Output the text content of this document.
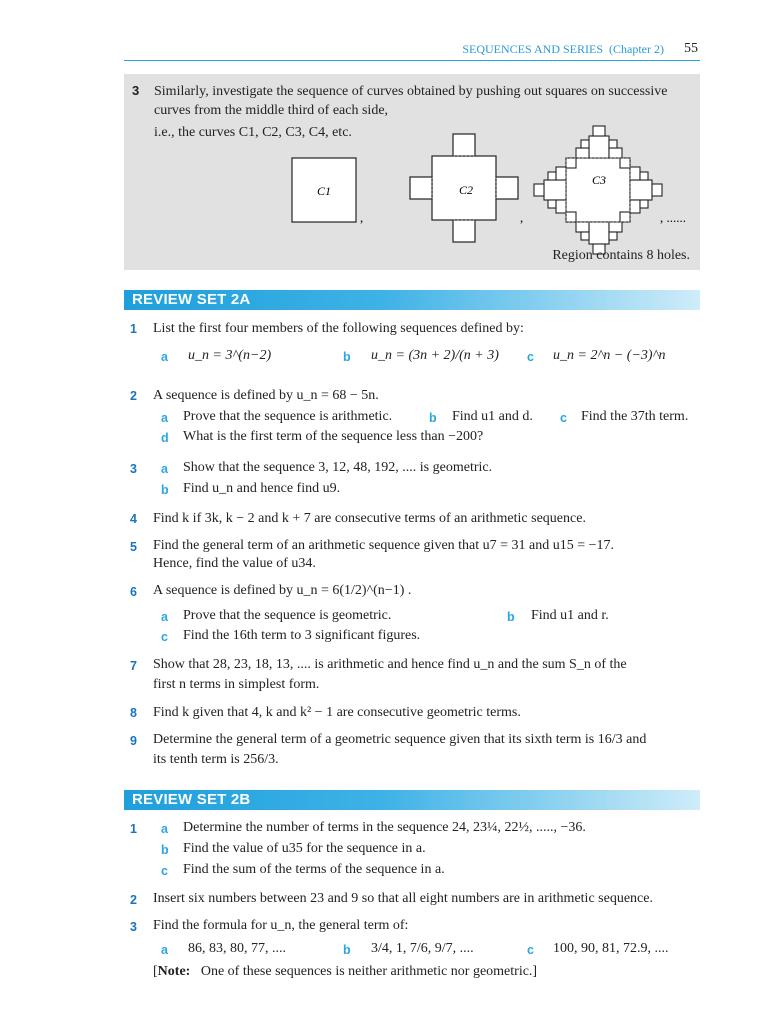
SEQUENCES AND SERIES (Chapter 2) 55
3 Similarly, investigate the sequence of curves obtained by pushing out squares on successive curves from the middle third of each side,
i.e., the curves C1, C2, C3, C4, etc.
C1
,
C2
,
C3
, ......
Region contains 8 holes.
REVIEW SET 2A
1 List the first four members of the following sequences defined by:
a u_n = 3^(n−2)	b u_n = (3n + 2)/(n + 3) c u_n = 2^n − (−3)^n
2 A sequence is defined by u_n = 68 − 5n.
a Prove that the sequence is arithmetic.	b Find u1 and d. c Find the 37th term.
d What is the first term of the sequence less than −200?
3 a Show that the sequence 3, 12, 48, 192, .... is geometric.
b Find u_n and hence find u9.
4 Find k if 3k, k − 2 and k + 7 are consecutive terms of an arithmetic sequence.
5 Find the general term of an arithmetic sequence given that u7 = 31 and u15 = −17.
Hence, find the value of u34.
6 A sequence is defined by u_n = 6(1/2)^(n−1) .
a Prove that the sequence is geometric.	b Find u1 and r.
c Find the 16th term to 3 significant figures.
7 Show that 28, 23, 18, 13, .... is arithmetic and hence find u_n and the sum S_n of the
first n terms in simplest form.
8 Find k given that 4, k and k² − 1 are consecutive geometric terms.
9 Determine the general term of a geometric sequence given that its sixth term is 16/3 and
its tenth term is 256/3.
REVIEW SET 2B
1 a Determine the number of terms in the sequence 24, 23¼, 22½, ....., −36.
b Find the value of u35 for the sequence in a.
c Find the sum of the terms of the sequence in a.
2 Insert six numbers between 23 and 9 so that all eight numbers are in arithmetic sequence.
3 Find the formula for u_n, the general term of:
a 86, 83, 80, 77, ....	b 3/4, 1, 7/6, 9/7, ....	c 100, 90, 81, 72.9, ....
[Note: One of these sequences is neither arithmetic nor geometric.]
